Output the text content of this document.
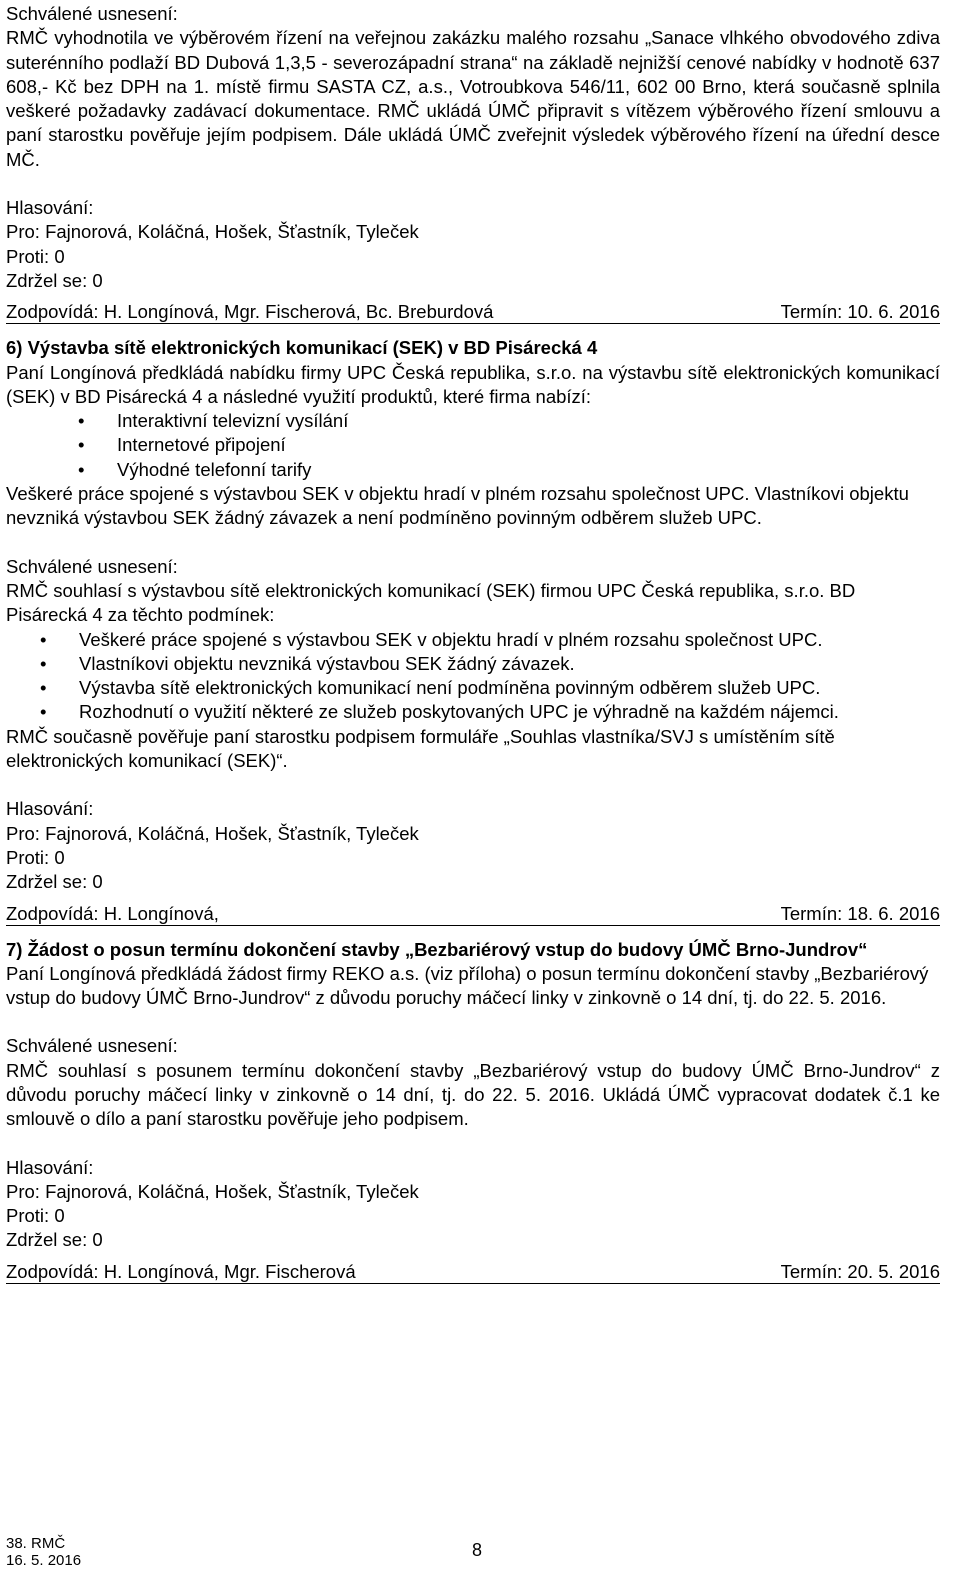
Schválené usnesení:

RMČ vyhodnotila ve výběrovém řízení na veřejnou zakázku malého rozsahu „Sanace vlhkého obvodového zdiva suterénního podlaží BD Dubová 1,3,5 - severozápadní strana“ na základě nejnižší cenové nabídky v hodnotě 637 608,- Kč bez DPH na 1. místě firmu SASTA CZ, a.s., Votroubkova 546/11, 602 00 Brno, která současně splnila veškeré požadavky zadávací dokumentace. RMČ ukládá ÚMČ připravit s vítězem výběrového řízení smlouvu a paní starostku pověřuje jejím podpisem. Dále ukládá ÚMČ zveřejnit výsledek výběrového řízení na úřední desce MČ.

Hlasování:

Pro: Fajnorová, Koláčná, Hošek, Šťastník, Tyleček

Proti: 0

Zdržel se: 0

Zodpovídá: H. Longínová, Mgr. Fischerová, Bc. Breburdová	Termín: 10. 6. 2016

6) Výstavba sítě elektronických komunikací (SEK) v BD Pisárecká 4

Paní Longínová předkládá nabídku firmy UPC Česká republika, s.r.o. na výstavbu sítě elektronických komunikací (SEK) v BD Pisárecká 4 a následné využití produktů, které firma nabízí:

• Interaktivní televizní vysílání
• Internetové připojení
• Výhodné telefonní tarify

Veškeré práce spojené s výstavbou SEK v objektu hradí v plném rozsahu společnost UPC. Vlastníkovi objektu nevzniká výstavbou SEK žádný závazek a není podmíněno povinným odběrem služeb UPC.

Schválené usnesení:

RMČ souhlasí s výstavbou sítě elektronických komunikací (SEK) firmou UPC Česká republika, s.r.o. BD Pisárecká 4 za těchto podmínek:

• Veškeré práce spojené s výstavbou SEK v objektu hradí v plném rozsahu společnost UPC.
• Vlastníkovi objektu nevzniká výstavbou SEK žádný závazek.
• Výstavba sítě elektronických komunikací není podmíněna povinným odběrem služeb UPC.
• Rozhodnutí o využití některé ze služeb poskytovaných UPC je výhradně na každém nájemci.

RMČ současně pověřuje paní starostku podpisem formuláře „Souhlas vlastníka/SVJ s umístěním sítě elektronických komunikací (SEK)“.

Hlasování:

Pro: Fajnorová, Koláčná, Hošek, Šťastník, Tyleček

Proti: 0

Zdržel se: 0

Zodpovídá: H. Longínová,	Termín: 18. 6. 2016

7) Žádost o posun termínu dokončení stavby „Bezbariérový vstup do budovy ÚMČ Brno-Jundrov“

Paní Longínová předkládá žádost firmy REKO a.s. (viz příloha) o posun termínu dokončení stavby „Bezbariérový vstup do budovy ÚMČ Brno-Jundrov“ z důvodu poruchy máčecí linky v zinkovně o 14 dní, tj. do 22. 5. 2016.

Schválené usnesení:

RMČ souhlasí s posunem termínu dokončení stavby „Bezbariérový vstup do budovy ÚMČ Brno-Jundrov“ z důvodu poruchy máčecí linky v zinkovně o 14 dní, tj. do 22. 5. 2016. Ukládá ÚMČ vypracovat dodatek č.1 ke smlouvě o dílo a paní starostku pověřuje jeho podpisem.

Hlasování:

Pro: Fajnorová, Koláčná, Hošek, Šťastník, Tyleček

Proti: 0

Zdržel se: 0

Zodpovídá: H. Longínová, Mgr. Fischerová	Termín: 20. 5. 2016
38. RMČ
16. 5. 2016
8
